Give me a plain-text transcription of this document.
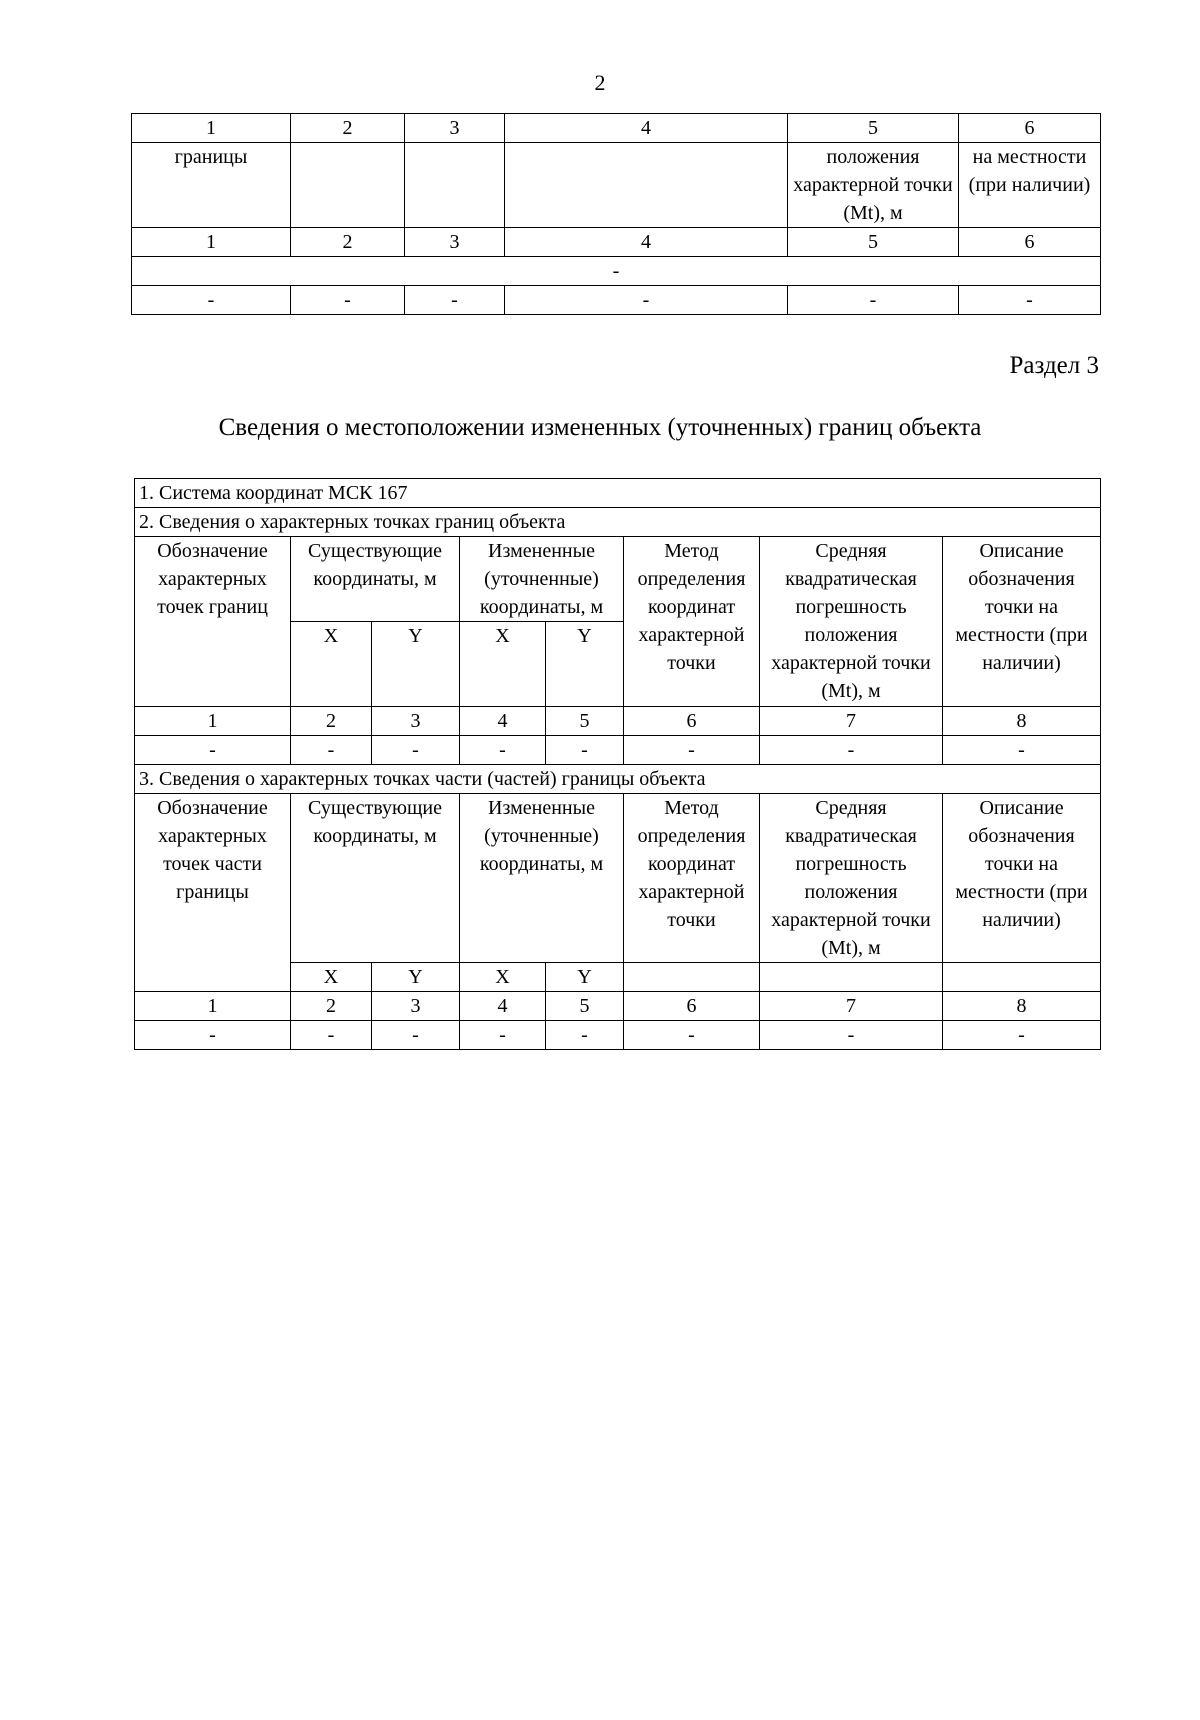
2
1	2	3	4	5	6
границы				положения характерной точки (Mt), м	на местности (при наличии)
1	2	3	4	5	6
-					
-	-	-	-	-	-
Раздел 3
Сведения о местоположении измененных (уточненных) границ объекта
1. Система координат МСК 167							
2. Сведения о характерных точках границ объекта							
Обозначение характерных точек границ	Существующие координаты, м		Измененные (уточненные) координаты, м		Метод определения координат характерной точки	Средняя квадратическая погрешность положения характерной точки (Mt), м	Описание обозначения точки на местности (при наличии)
	X	Y	X	Y			
1	2	3	4	5	6	7	8
-	-	-	-	-	-	-	-
3. Сведения о характерных точках части (частей) границы объекта							
Обозначение характерных точек части границы	Существующие координаты, м		Измененные (уточненные) координаты, м		Метод определения координат характерной точки	Средняя квадратическая погрешность положения характерной точки (Mt), м	Описание обозначения точки на местности (при наличии)
	X	Y	X	Y			
1	2	3	4	5	6	7	8
-	-	-	-	-	-	-	-
